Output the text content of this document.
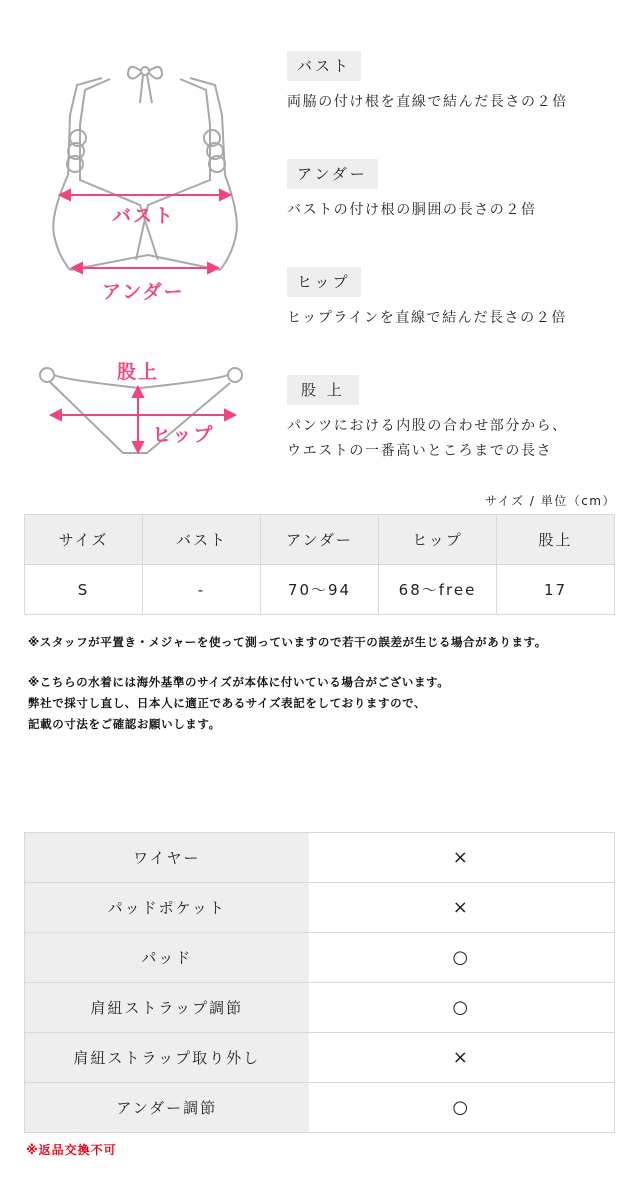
バスト
アンダー
股上
ヒップ
バスト
両脇の付け根を直線で結んだ長さの２倍
アンダー
バストの付け根の胴囲の長さの２倍
ヒップ
ヒップラインを直線で結んだ長さの２倍
股 上
パンツにおける内股の合わせ部分から、
ウエストの一番高いところまでの長さ
サイズ / 単位（cm）
サイズ	バスト	アンダー	ヒップ	股上
S	-	70～94	68～free	17
※スタッフが平置き・メジャーを使って測っていますので若干の誤差が生じる場合があります。
※こちらの水着には海外基準のサイズが本体に付いている場合がございます。
弊社で採寸し直し、日本人に適正であるサイズ表記をしておりますので、
記載の寸法をご確認お願いします。
ワイヤー	×
パッドポケット	×
パッド	○
肩紐ストラップ調節	○
肩紐ストラップ取り外し	×
アンダー調節	○
※返品交換不可
